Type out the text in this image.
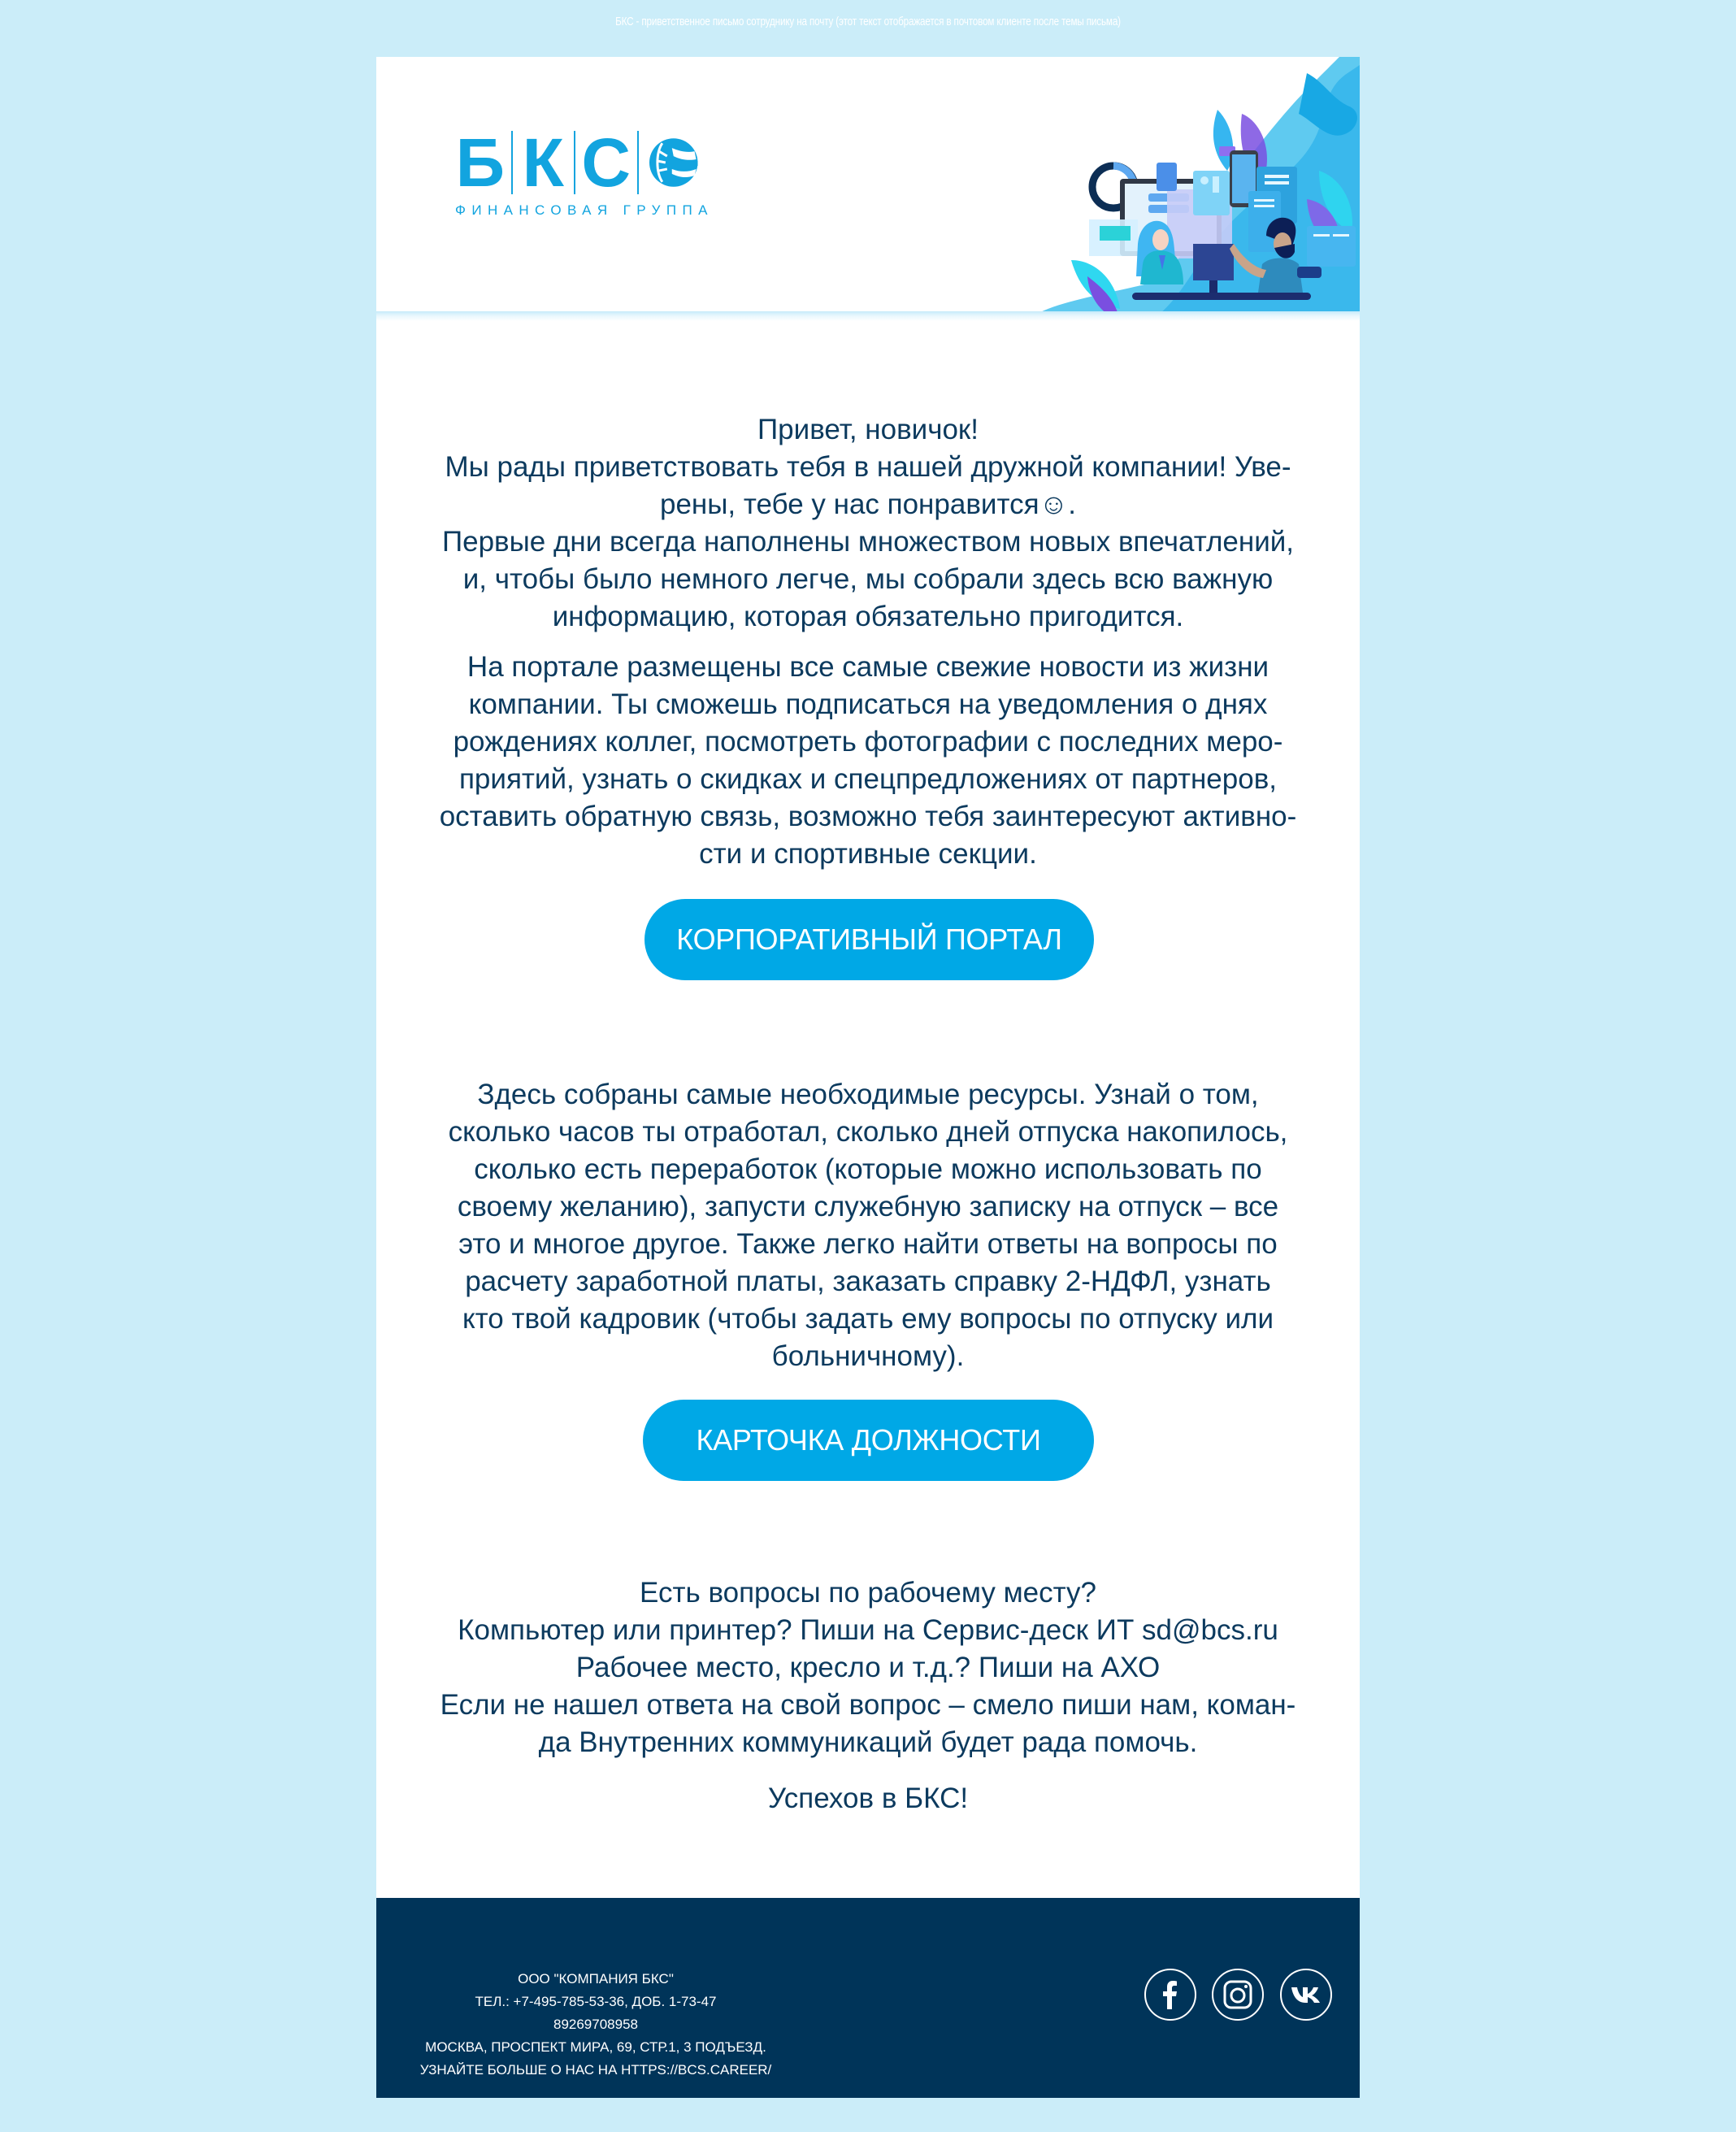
БКС - приветственное письмо сотруднику на почту (этот текст отображается в почтовом клиенте после темы письма)
Б К С
ФИНАНСОВАЯ ГРУППА

Привет, новичок!

Мы рады приветствовать тебя в нашей дружной компании! Уве-

рены, тебе у нас понравится☺.

Первые дни всегда наполнены множеством новых впечатлений,

и, чтобы было немного легче, мы собрали здесь всю важную

информацию, которая обязательно пригодится.

На портале размещены все самые свежие новости из жизни

компании. Ты сможешь подписаться на уведомления о днях

рождениях коллег, посмотреть фотографии с последних меро-

приятий, узнать о скидках и спецпредложениях от партнеров,

оставить обратную связь, возможно тебя заинтересуют активно-

сти и спортивные секции.

КОРПОРАТИВНЫЙ ПОРТАЛ

Здесь собраны самые необходимые ресурсы. Узнай о том,

сколько часов ты отработал, сколько дней отпуска накопилось,

сколько есть переработок (которые можно использовать по

своему желанию), запусти служебную записку на отпуск – все

это и многое другое. Также легко найти ответы на вопросы по

расчету заработной платы, заказать справку 2-НДФЛ, узнать

кто твой кадровик (чтобы задать ему вопросы по отпуску или

больничному).

КАРТОЧКА ДОЛЖНОСТИ

Есть вопросы по рабочему месту?

Компьютер или принтер? Пиши на Сервис-деск ИТ sd@bcs.ru

Рабочее место, кресло и т.д.? Пиши на АХО

Если не нашел ответа на свой вопрос – смело пиши нам, коман-

да Внутренних коммуникаций будет рада помочь.

Успехов в БКС!

ООО "КОМПАНИЯ БКС"
ТЕЛ.: +7-495-785-53-36, ДОБ. 1-73-47
89269708958
МОСКВА, ПРОСПЕКТ МИРА, 69, СТР.1, 3 ПОДЪЕЗД.
УЗНАЙТЕ БОЛЬШЕ О НАС НА HTTPS://BCS.CAREER/
